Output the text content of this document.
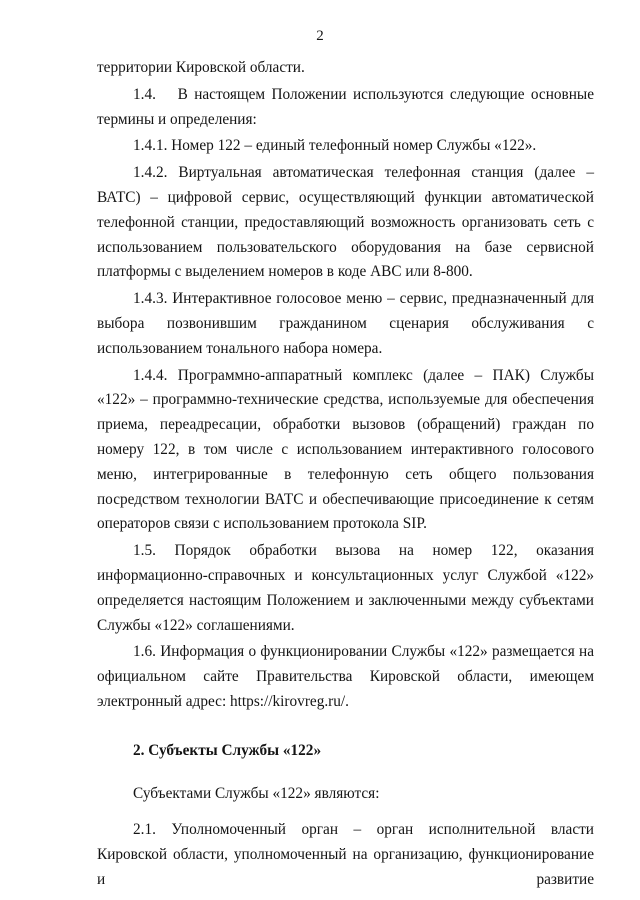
2

территории Кировской области.

1.4.  В настоящем Положении используются следующие основные термины и определения:

1.4.1. Номер 122 – единый телефонный номер Службы «122».

1.4.2. Виртуальная автоматическая телефонная станция (далее – ВАТС) – цифровой сервис, осуществляющий функции автоматической телефонной станции, предоставляющий возможность организовать сеть с использованием пользовательского оборудования на базе сервисной платформы с выделением номеров в коде АВС или 8-800.

1.4.3. Интерактивное голосовое меню – сервис, предназначенный для выбора позвонившим гражданином сценария обслуживания с использованием тонального набора номера.

1.4.4. Программно-аппаратный комплекс (далее – ПАК) Службы «122» – программно-технические средства, используемые для обеспечения приема, переадресации, обработки вызовов (обращений) граждан по номеру 122, в том числе с использованием интерактивного голосового меню, интегрированные в телефонную сеть общего пользования посредством технологии ВАТС и обеспечивающие присоединение к сетям операторов связи с использованием протокола SIP.

1.5. Порядок обработки вызова на номер 122, оказания информационно-справочных и консультационных услуг Службой «122» определяется настоящим Положением и заключенными между субъектами Службы «122» соглашениями.

1.6. Информация о функционировании Службы «122» размещается на официальном сайте Правительства Кировской области, имеющем электронный адрес: https://kirovreg.ru/.

2. Субъекты Службы «122»

Субъектами Службы «122» являются:

2.1. Уполномоченный орган – орган исполнительной власти Кировской области, уполномоченный на организацию, функционирование и развитие
